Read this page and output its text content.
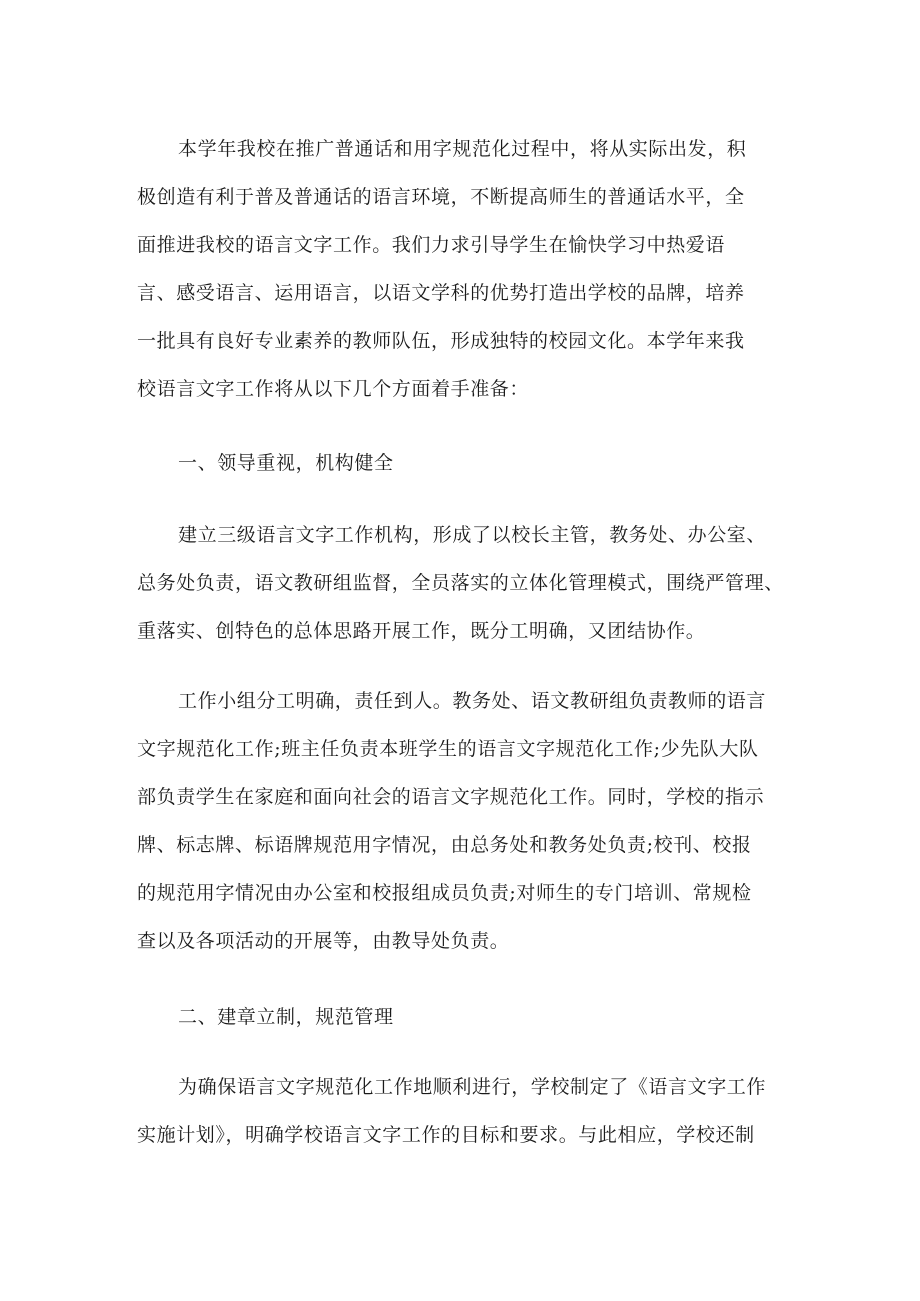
本学年我校在推广普通话和用字规范化过程中，将从实际出发，积
极创造有利于普及普通话的语言环境，不断提高师生的普通话水平，全
面推进我校的语言文字工作。我们力求引导学生在愉快学习中热爱语
言、感受语言、运用语言，以语文学科的优势打造出学校的品牌，培养
一批具有良好专业素养的教师队伍，形成独特的校园文化。本学年来我
校语言文字工作将从以下几个方面着手准备：
一、领导重视，机构健全
建立三级语言文字工作机构，形成了以校长主管，教务处、办公室、
总务处负责，语文教研组监督，全员落实的立体化管理模式，围绕严管理、
重落实、创特色的总体思路开展工作，既分工明确，又团结协作。
工作小组分工明确，责任到人。教务处、语文教研组负责教师的语言
文字规范化工作;班主任负责本班学生的语言文字规范化工作;少先队大队
部负责学生在家庭和面向社会的语言文字规范化工作。同时，学校的指示
牌、标志牌、标语牌规范用字情况，由总务处和教务处负责;校刊、校报
的规范用字情况由办公室和校报组成员负责;对师生的专门培训、常规检
查以及各项活动的开展等，由教导处负责。
二、建章立制，规范管理
为确保语言文字规范化工作地顺利进行，学校制定了《语言文字工作
实施计划》，明确学校语言文字工作的目标和要求。与此相应，学校还制
